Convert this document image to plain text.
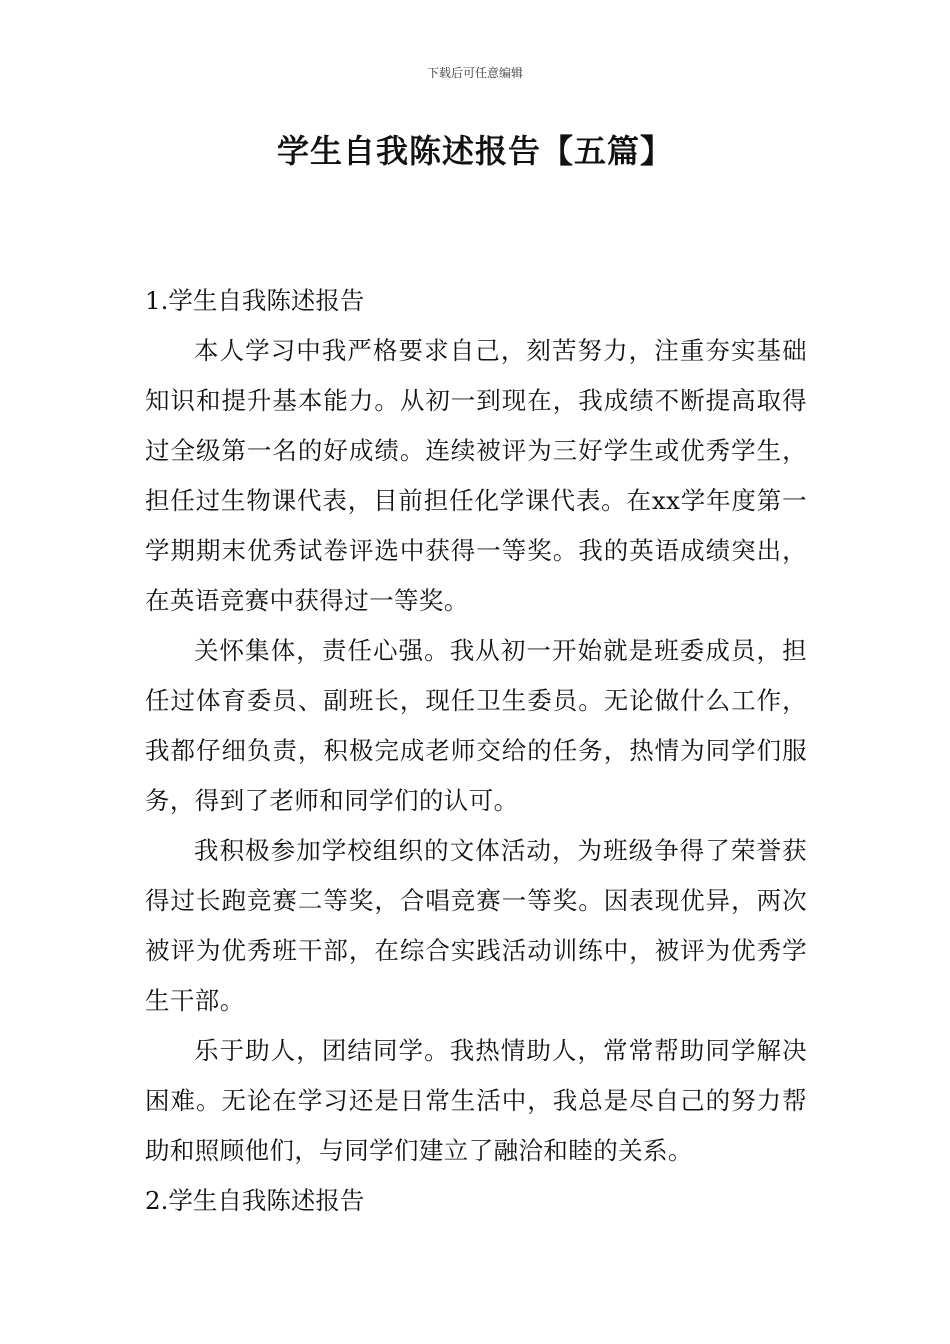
下载后可任意编辑
学生自我陈述报告【五篇】

1.学生自我陈述报告

本人学习中我严格要求自己，刻苦努力，注重夯实基础知识和提升基本能力。从初一到现在，我成绩不断提高取得过全级第一名的好成绩。连续被评为三好学生或优秀学生，担任过生物课代表，目前担任化学课代表。在xx学年度第一学期期末优秀试卷评选中获得一等奖。我的英语成绩突出，在英语竞赛中获得过一等奖。

关怀集体，责任心强。我从初一开始就是班委成员，担任过体育委员、副班长，现任卫生委员。无论做什么工作，我都仔细负责，积极完成老师交给的任务，热情为同学们服务，得到了老师和同学们的认可。

我积极参加学校组织的文体活动，为班级争得了荣誉获得过长跑竞赛二等奖，合唱竞赛一等奖。因表现优异，两次被评为优秀班干部，在综合实践活动训练中，被评为优秀学生干部。

乐于助人，团结同学。我热情助人，常常帮助同学解决困难。无论在学习还是日常生活中，我总是尽自己的努力帮助和照顾他们，与同学们建立了融洽和睦的关系。

2.学生自我陈述报告
